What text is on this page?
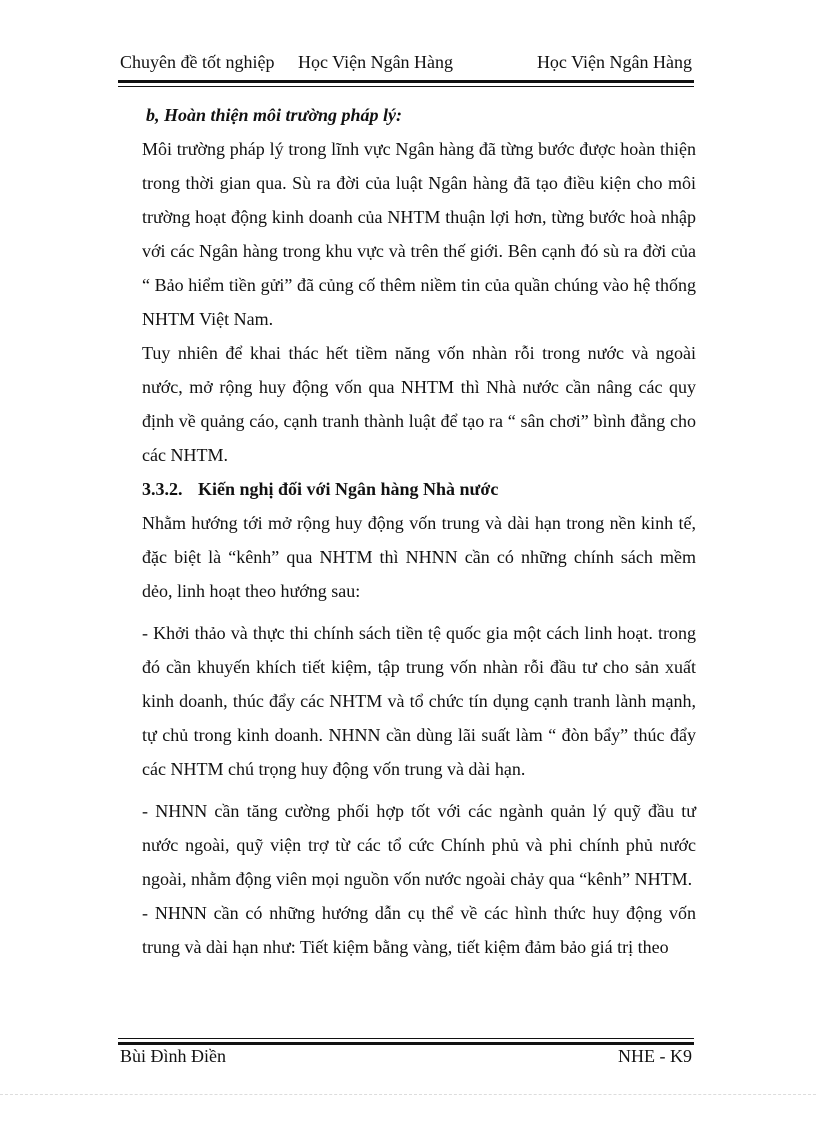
Chuyên đề tốt nghiệp Học Viện Ngân Hàng	Học Viện Ngân Hàng

b, Hoàn thiện môi trường pháp lý:

Môi trường pháp lý trong lĩnh vực Ngân hàng đã từng bước được hoàn thiện trong thời gian qua. Sù ra đời của luật Ngân hàng đã tạo điều kiện cho môi trường hoạt động kinh doanh của NHTM thuận lợi hơn, từng bước hoà nhập với các Ngân hàng trong khu vực và trên thế giới. Bên cạnh đó sù ra đời của “ Bảo hiểm tiền gửi” đã củng cố thêm niềm tin của quần chúng vào hệ thống NHTM Việt Nam.

Tuy nhiên để khai thác hết tiềm năng vốn nhàn rỗi trong nước và ngoài nước, mở rộng huy động vốn qua NHTM thì Nhà nước cần nâng các quy định về quảng cáo, cạnh tranh thành luật để tạo ra “ sân chơi” bình đẳng cho các NHTM.

3.3.2. Kiến nghị đối với Ngân hàng Nhà nước

Nhằm hướng tới mở rộng huy động vốn trung và dài hạn trong nền kinh tế, đặc biệt là “kênh” qua NHTM thì NHNN cần có những chính sách mềm dẻo, linh hoạt theo hướng sau:

- Khởi thảo và thực thi chính sách tiền tệ quốc gia một cách linh hoạt. trong đó cần khuyến khích tiết kiệm, tập trung vốn nhàn rỗi đầu tư cho sản xuất kinh doanh, thúc đẩy các NHTM và tổ chức tín dụng cạnh tranh lành mạnh, tự chủ trong kinh doanh. NHNN cần dùng lãi suất làm “ đòn bẩy” thúc đẩy các NHTM chú trọng huy động vốn trung và dài hạn.

- NHNN cần tăng cường phối hợp tốt với các ngành quản lý quỹ đầu tư nước ngoài, quỹ viện trợ từ các tổ cức Chính phủ và phi chính phủ nước ngoài, nhằm động viên mọi nguồn vốn nước ngoài chảy qua “kênh” NHTM.

- NHNN cần có những hướng dẫn cụ thể về các hình thức huy động vốn trung và dài hạn như: Tiết kiệm bằng vàng, tiết kiệm đảm bảo giá trị theo

Bùi Đình Điền	NHE - K9
